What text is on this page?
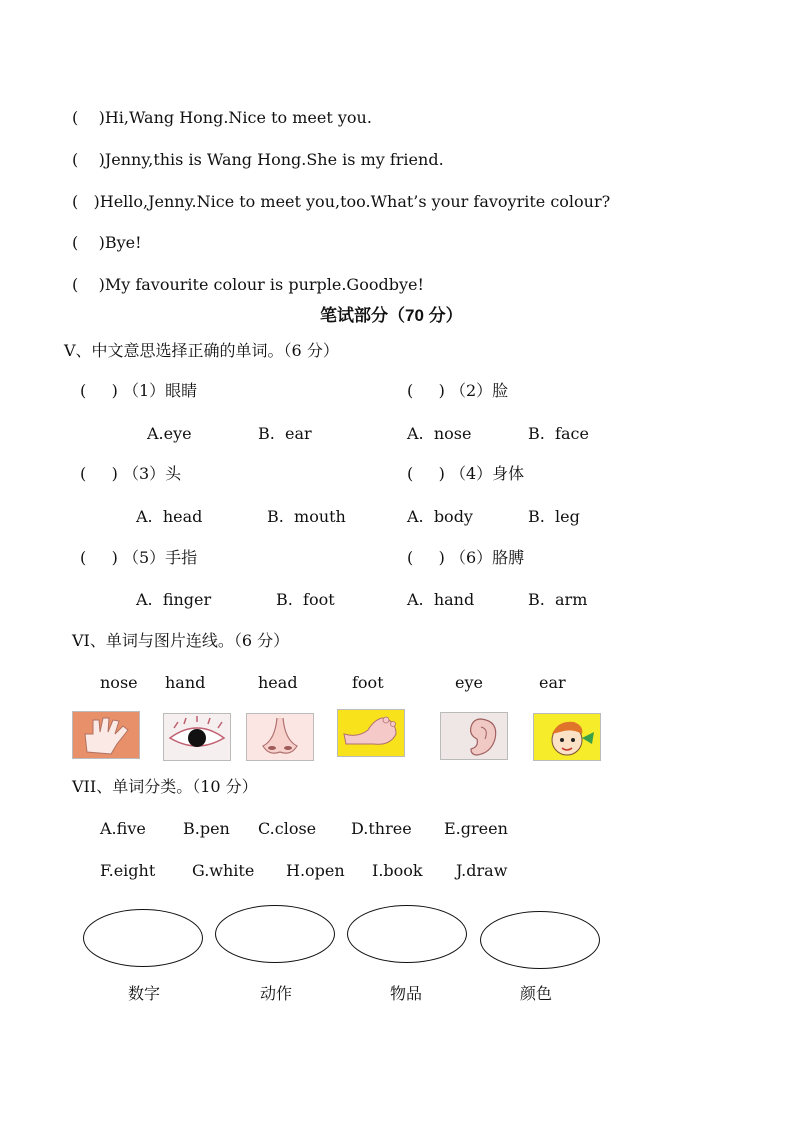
(    )Hi,Wang Hong.Nice to meet you.
(    )Jenny,this is Wang Hong.She is my friend.
(   )Hello,Jenny.Nice to meet you,too.What’s your favoyrite colour?
(    )Bye!
(    )My favourite colour is purple.Goodbye!
笔试部分（70 分）
V、中文意思选择正确的单词。（6 分）
(     ) （1）眼睛	(     ) （2）脸
A.eye	B.  ear	A.  nose	B.  face
(     ) （3）头	(     ) （4）身体
A.  head	B.  mouth	A.  body	B.  leg
(     ) （5）手指	(     ) （6）胳膊
A.  finger	B.  foot	A.  hand	B.  arm
VI、单词与图片连线。（6 分）
nose hand	head	foot	eye	ear
VII、单词分类。（10 分）
A.five B.pen C.close D.three E.green
F.eight G.white H.open I.book J.draw
数字	动作	物品	颜色
